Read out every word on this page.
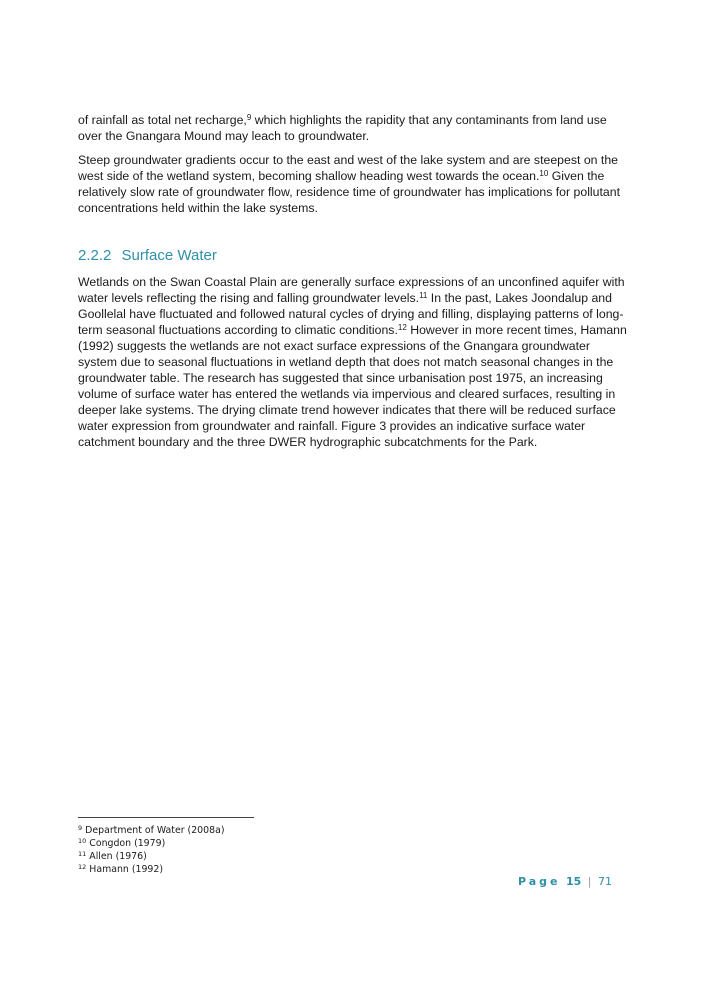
of rainfall as total net recharge,$^9$ which highlights the rapidity that any contaminants from land use over the Gnangara Mound may leach to groundwater.

Steep groundwater gradients occur to the east and west of the lake system and are steepest on the west side of the wetland system, becoming shallow heading west towards the ocean.$^{10}$ Given the relatively slow rate of groundwater flow, residence time of groundwater has implications for pollutant concentrations held within the lake systems.

2.2.2 Surface Water

Wetlands on the Swan Coastal Plain are generally surface expressions of an unconfined aquifer with water levels reflecting the rising and falling groundwater levels.$^{11}$ In the past, Lakes Joondalup and Goollelal have fluctuated and followed natural cycles of drying and filling, displaying patterns of long-term seasonal fluctuations according to climatic conditions.$^{12}$ However in more recent times, Hamann (1992) suggests the wetlands are not exact surface expressions of the Gnangara groundwater system due to seasonal fluctuations in wetland depth that does not match seasonal changes in the groundwater table. The research has suggested that since urbanisation post 1975, an increasing volume of surface water has entered the wetlands via impervious and cleared surfaces, resulting in deeper lake systems. The drying climate trend however indicates that there will be reduced surface water expression from groundwater and rainfall. Figure 3 provides an indicative surface water catchment boundary and the three DWER hydrographic subcatchments for the Park.

$^9$ Department of Water (2008a)
$^{10}$ Congdon (1979)
$^{11}$ Allen (1976)
$^{12}$ Hamann (1992)
Page 15 | 71
